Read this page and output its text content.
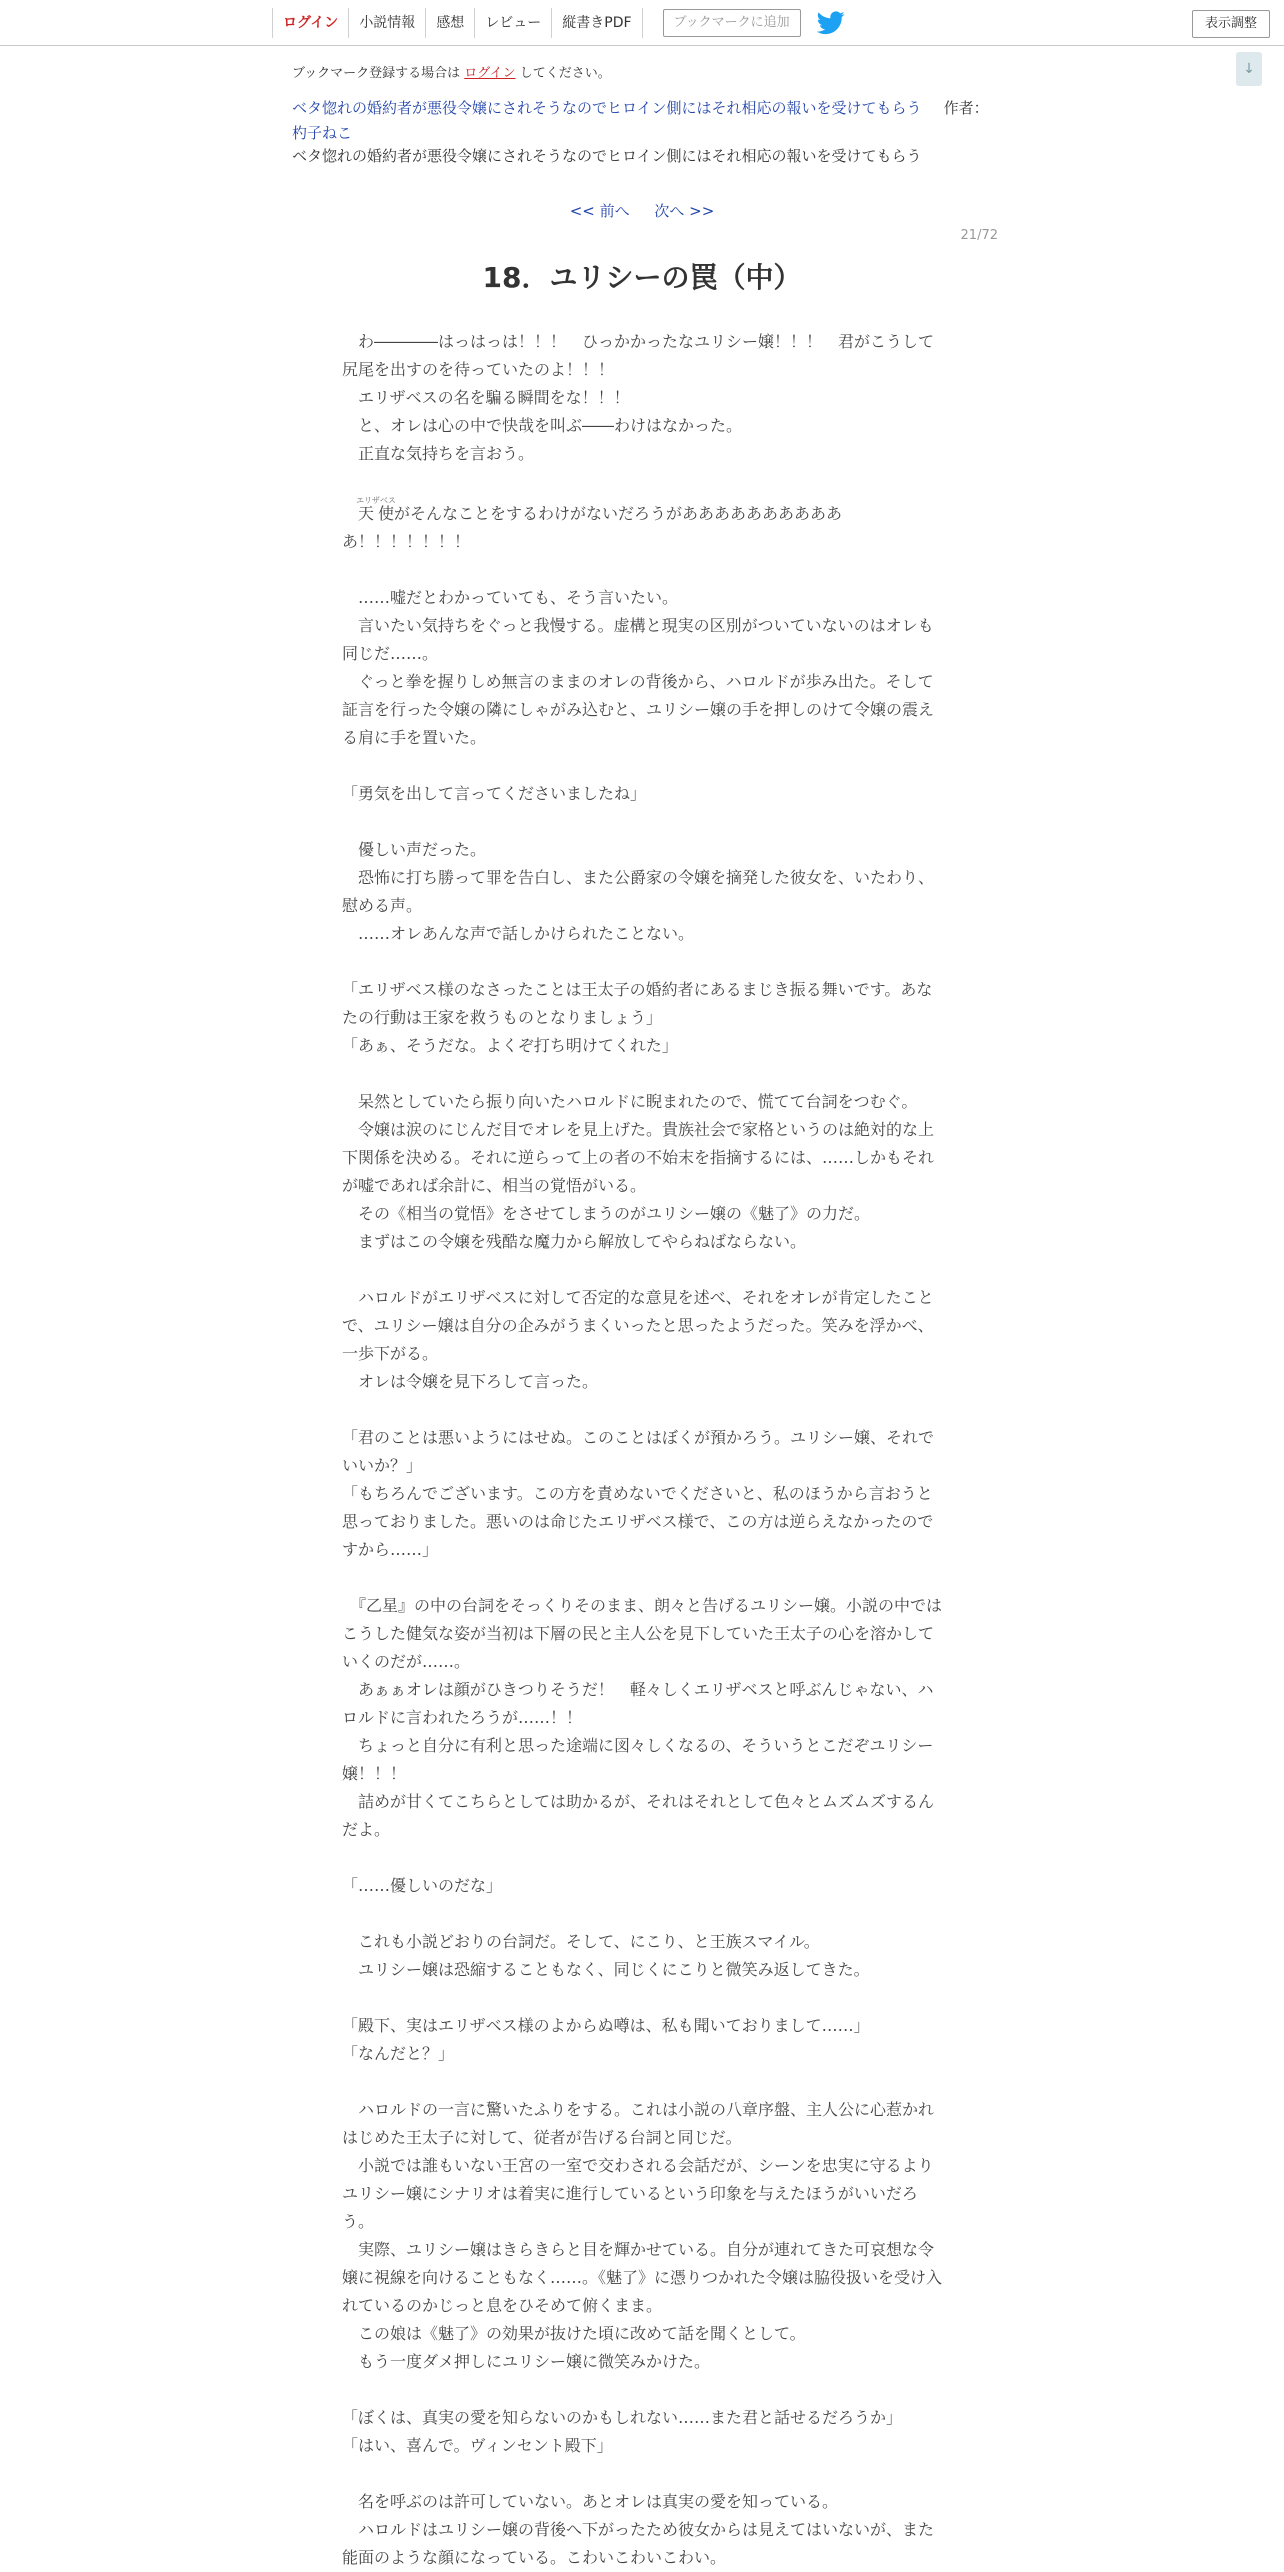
ログイン	小説情報	感想	レビュー	縦書きPDF	ブックマークに追加	表示調整
↓
ブックマーク登録する場合は ログイン してください。
ベタ惚れの婚約者が悪役令嬢にされそうなのでヒロイン側にはそれ相応の報いを受けてもらう 作者：杓子ねこ
ベタ惚れの婚約者が悪役令嬢にされそうなのでヒロイン側にはそれ相応の報いを受けてもらう
<< 前へ 次へ >>
21/72
18．ユリシーの罠（中）

　わ――――はっはっは！！！　ひっかかったなユリシー嬢！！！　君がこうして尻尾を出すのを待っていたのよ！！！

　エリザベスの名を騙る瞬間をな！！！

　と、オレは心の中で快哉を叫ぶ――わけはなかった。

　正直な気持ちを言おう。

　天使エリザベスがそんなことをするわけがないだろうがあああああああああああ！！！！！！！

　……嘘だとわかっていても、そう言いたい。

　言いたい気持ちをぐっと我慢する。虚構と現実の区別がついていないのはオレも同じだ……。

　ぐっと拳を握りしめ無言のままのオレの背後から、ハロルドが歩み出た。そして証言を行った令嬢の隣にしゃがみ込むと、ユリシー嬢の手を押しのけて令嬢の震える肩に手を置いた。

「勇気を出して言ってくださいましたね」

　優しい声だった。

　恐怖に打ち勝って罪を告白し、また公爵家の令嬢を摘発した彼女を、いたわり、慰める声。

　……オレあんな声で話しかけられたことない。

「エリザベス様のなさったことは王太子の婚約者にあるまじき振る舞いです。あなたの行動は王家を救うものとなりましょう」

「あぁ、そうだな。よくぞ打ち明けてくれた」

　呆然としていたら振り向いたハロルドに睨まれたので、慌てて台詞をつむぐ。

　令嬢は涙のにじんだ目でオレを見上げた。貴族社会で家格というのは絶対的な上下関係を決める。それに逆らって上の者の不始末を指摘するには、……しかもそれが嘘であれば余計に、相当の覚悟がいる。

　その《相当の覚悟》をさせてしまうのがユリシー嬢の《魅了》の力だ。

　まずはこの令嬢を残酷な魔力から解放してやらねばならない。

　ハロルドがエリザベスに対して否定的な意見を述べ、それをオレが肯定したことで、ユリシー嬢は自分の企みがうまくいったと思ったようだった。笑みを浮かべ、一歩下がる。

　オレは令嬢を見下ろして言った。

「君のことは悪いようにはせぬ。このことはぼくが預かろう。ユリシー嬢、それでいいか？」

「もちろんでございます。この方を責めないでくださいと、私のほうから言おうと思っておりました。悪いのは命じたエリザベス様で、この方は逆らえなかったのですから……」

　『乙星』の中の台詞をそっくりそのまま、朗々と告げるユリシー嬢。小説の中ではこうした健気な姿が当初は下層の民と主人公を見下していた王太子の心を溶かしていくのだが……。

　あぁぁオレは顔がひきつりそうだ！　軽々しくエリザベスと呼ぶんじゃない、ハロルドに言われたろうが……！！

　ちょっと自分に有利と思った途端に図々しくなるの、そういうとこだぞユリシー嬢！！！

　詰めが甘くてこちらとしては助かるが、それはそれとして色々とムズムズするんだよ。

「……優しいのだな」

　これも小説どおりの台詞だ。そして、にこり、と王族スマイル。

　ユリシー嬢は恐縮することもなく、同じくにこりと微笑み返してきた。

「殿下、実はエリザベス様のよからぬ噂は、私も聞いておりまして……」

「なんだと？」

　ハロルドの一言に驚いたふりをする。これは小説の八章序盤、主人公に心惹かれはじめた王太子に対して、従者が告げる台詞と同じだ。

　小説では誰もいない王宮の一室で交わされる会話だが、シーンを忠実に守るよりユリシー嬢にシナリオは着実に進行しているという印象を与えたほうがいいだろう。

　実際、ユリシー嬢はきらきらと目を輝かせている。自分が連れてきた可哀想な令嬢に視線を向けることもなく……。《魅了》に憑りつかれた令嬢は脇役扱いを受け入れているのかじっと息をひそめて俯くまま。

　この娘は《魅了》の効果が抜けた頃に改めて話を聞くとして。

　もう一度ダメ押しにユリシー嬢に微笑みかけた。

「ぼくは、真実の愛を知らないのかもしれない……また君と話せるだろうか」

「はい、喜んで。ヴィンセント殿下」

　名を呼ぶのは許可していない。あとオレは真実の愛を知っている。

　ハロルドはユリシー嬢の背後へ下がったため彼女からは見えてはいないが、また能面のような顔になっている。こわいこわいこわい。
